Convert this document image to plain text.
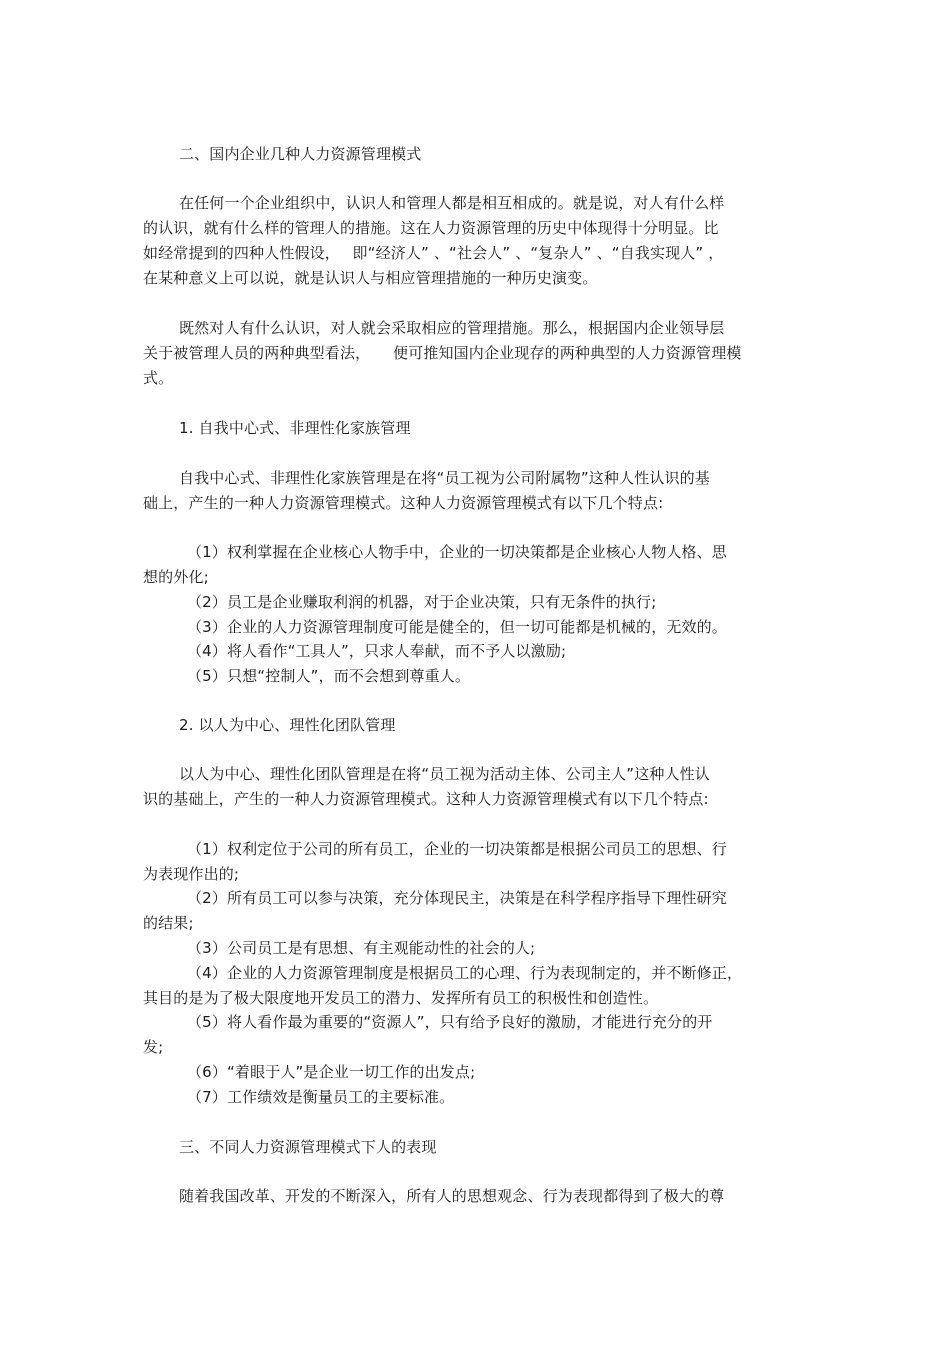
二、国内企业几种人力资源管理模式
在任何一个企业组织中，认识人和管理人都是相互相成的。就是说，对人有什么样
的认识，就有什么样的管理人的措施。这在人力资源管理的历史中体现得十分明显。比
如经常提到的四种人性假设，　 即“经济人” 、“社会人” 、“复杂人” 、“自我实现人” ，
在某种意义上可以说，就是认识人与相应管理措施的一种历史演变。
既然对人有什么认识，对人就会采取相应的管理措施。那么，根据国内企业领导层
关于被管理人员的两种典型看法，　　便可推知国内企业现存的两种典型的人力资源管理模
式。
1. 自我中心式、非理性化家族管理
自我中心式、非理性化家族管理是在将“员工视为公司附属物”这种人性认识的基
础上，产生的一种人力资源管理模式。这种人力资源管理模式有以下几个特点:
（1）权利掌握在企业核心人物手中，企业的一切决策都是企业核心人物人格、思
想的外化;
（2）员工是企业赚取利润的机器，对于企业决策，只有无条件的执行;
（3）企业的人力资源管理制度可能是健全的，但一切可能都是机械的，无效的。
（4）将人看作“工具人”，只求人奉献，而不予人以激励;
（5）只想“控制人”，而不会想到尊重人。
2. 以人为中心、理性化团队管理
以人为中心、理性化团队管理是在将“员工视为活动主体、公司主人”这种人性认
识的基础上，产生的一种人力资源管理模式。这种人力资源管理模式有以下几个特点:
（1）权利定位于公司的所有员工，企业的一切决策都是根据公司员工的思想、行
为表现作出的;
（2）所有员工可以参与决策，充分体现民主，决策是在科学程序指导下理性研究
的结果;
（3）公司员工是有思想、有主观能动性的社会的人;
（4）企业的人力资源管理制度是根据员工的心理、行为表现制定的，并不断修正，
其目的是为了极大限度地开发员工的潜力、发挥所有员工的积极性和创造性。
（5）将人看作最为重要的“资源人”，只有给予良好的激励，才能进行充分的开
发;
（6）“着眼于人”是企业一切工作的出发点;
（7）工作绩效是衡量员工的主要标准。
三、不同人力资源管理模式下人的表现
随着我国改革、开发的不断深入，所有人的思想观念、行为表现都得到了极大的尊
